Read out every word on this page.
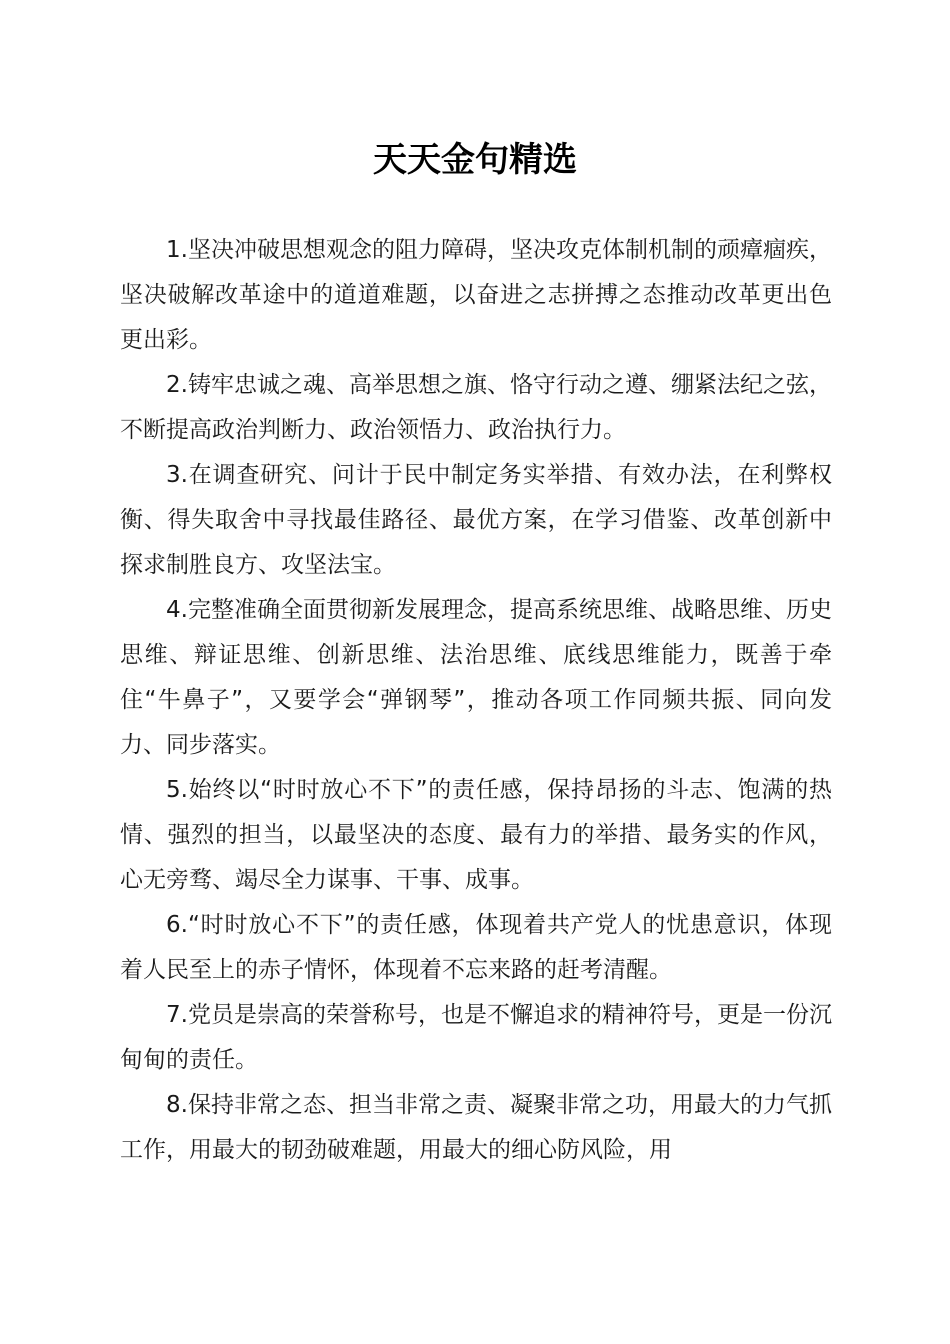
天天金句精选

1.坚决冲破思想观念的阻力障碍，坚决攻克体制机制的顽瘴痼疾，坚决破解改革途中的道道难题，以奋进之志拼搏之态推动改革更出色更出彩。

2.铸牢忠诚之魂、高举思想之旗、恪守行动之遵、绷紧法纪之弦，不断提高政治判断力、政治领悟力、政治执行力。

3.在调查研究、问计于民中制定务实举措、有效办法，在利弊权衡、得失取舍中寻找最佳路径、最优方案，在学习借鉴、改革创新中探求制胜良方、攻坚法宝。

4.完整准确全面贯彻新发展理念，提高系统思维、战略思维、历史思维、辩证思维、创新思维、法治思维、底线思维能力，既善于牵住“牛鼻子”，又要学会“弹钢琴”，推动各项工作同频共振、同向发力、同步落实。

5.始终以“时时放心不下”的责任感，保持昂扬的斗志、饱满的热情、强烈的担当，以最坚决的态度、最有力的举措、最务实的作风，心无旁骛、竭尽全力谋事、干事、成事。

6.“时时放心不下”的责任感，体现着共产党人的忧患意识，体现着人民至上的赤子情怀，体现着不忘来路的赶考清醒。

7.党员是崇高的荣誉称号，也是不懈追求的精神符号，更是一份沉甸甸的责任。

8.保持非常之态、担当非常之责、凝聚非常之功，用最大的力气抓工作，用最大的韧劲破难题，用最大的细心防风险，用
